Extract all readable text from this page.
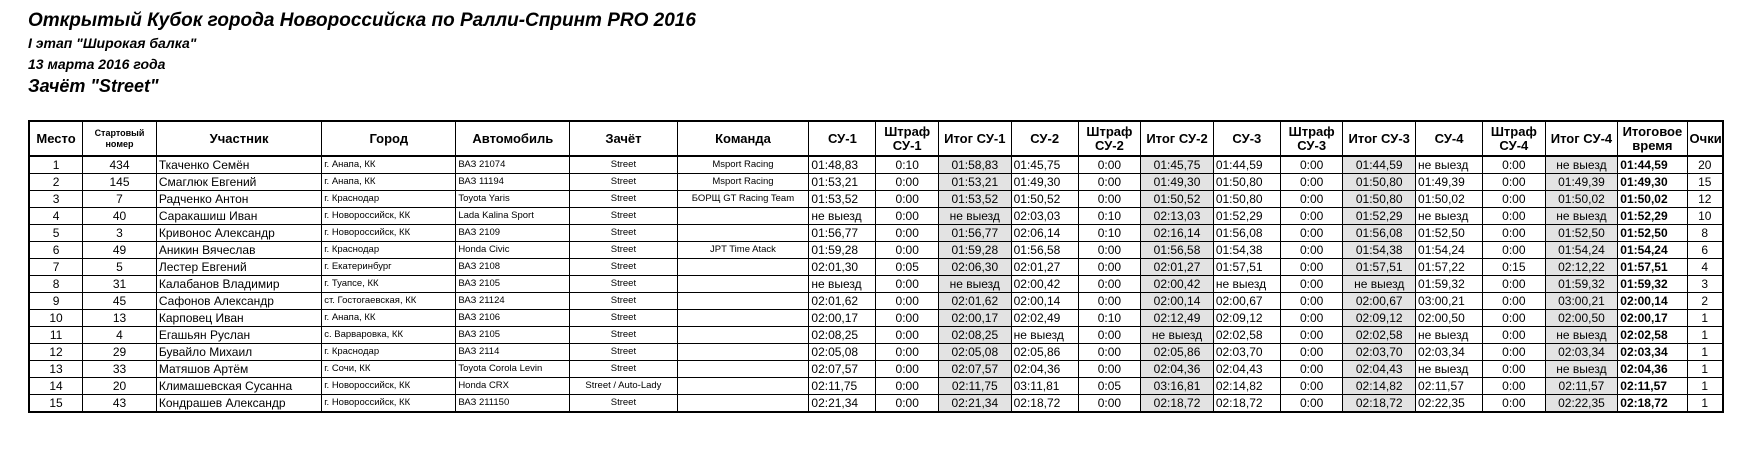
Открытый Кубок города Новороссийска по Ралли-Спринт PRO 2016
I этап "Широкая балка"
13 марта 2016 года
Зачёт "Street"
Место	Стартовый номер	Участник	Город	Автомобиль	Зачёт	Команда	СУ-1	Штраф СУ-1	Итог СУ-1	СУ-2	Штраф СУ-2	Итог СУ-2	СУ-3	Штраф СУ-3	Итог СУ-3	СУ-4	Штраф СУ-4	Итог СУ-4	Итоговое время	Очки
1	434	Ткаченко Семён	г. Анапа, КК	ВАЗ 21074	Street	Msport Racing	01:48,83	0:10	01:58,83	01:45,75	0:00	01:45,75	01:44,59	0:00	01:44,59	не выезд	0:00	не выезд	01:44,59	20
2	145	Смаглюк Евгений	г. Анапа, КК	ВАЗ 11194	Street	Msport Racing	01:53,21	0:00	01:53,21	01:49,30	0:00	01:49,30	01:50,80	0:00	01:50,80	01:49,39	0:00	01:49,39	01:49,30	15
3	7	Радченко Антон	г. Краснодар	Toyota Yaris	Street	БОРЩ GT Racing Team	01:53,52	0:00	01:53,52	01:50,52	0:00	01:50,52	01:50,80	0:00	01:50,80	01:50,02	0:00	01:50,02	01:50,02	12
4	40	Саракашиш Иван	г. Новороссийск, КК	Lada Kalina Sport	Street		не выезд	0:00	не выезд	02:03,03	0:10	02:13,03	01:52,29	0:00	01:52,29	не выезд	0:00	не выезд	01:52,29	10
5	3	Кривонос Александр	г. Новороссийск, КК	ВАЗ 2109	Street		01:56,77	0:00	01:56,77	02:06,14	0:10	02:16,14	01:56,08	0:00	01:56,08	01:52,50	0:00	01:52,50	01:52,50	8
6	49	Аникин Вячеслав	г. Краснодар	Honda Civic	Street	JPT Time Atack	01:59,28	0:00	01:59,28	01:56,58	0:00	01:56,58	01:54,38	0:00	01:54,38	01:54,24	0:00	01:54,24	01:54,24	6
7	5	Лестер Евгений	г. Екатеринбург	ВАЗ 2108	Street		02:01,30	0:05	02:06,30	02:01,27	0:00	02:01,27	01:57,51	0:00	01:57,51	01:57,22	0:15	02:12,22	01:57,51	4
8	31	Калабанов Владимир	г. Туапсе, КК	ВАЗ 2105	Street		не выезд	0:00	не выезд	02:00,42	0:00	02:00,42	не выезд	0:00	не выезд	01:59,32	0:00	01:59,32	01:59,32	3
9	45	Сафонов Александр	ст. Гостогаевская, КК	ВАЗ 21124	Street		02:01,62	0:00	02:01,62	02:00,14	0:00	02:00,14	02:00,67	0:00	02:00,67	03:00,21	0:00	03:00,21	02:00,14	2
10	13	Карповец Иван	г. Анапа, КК	ВАЗ 2106	Street		02:00,17	0:00	02:00,17	02:02,49	0:10	02:12,49	02:09,12	0:00	02:09,12	02:00,50	0:00	02:00,50	02:00,17	1
11	4	Егашьян Руслан	с. Варваровка, КК	ВАЗ 2105	Street		02:08,25	0:00	02:08,25	не выезд	0:00	не выезд	02:02,58	0:00	02:02,58	не выезд	0:00	не выезд	02:02,58	1
12	29	Бувайло Михаил	г. Краснодар	ВАЗ 2114	Street		02:05,08	0:00	02:05,08	02:05,86	0:00	02:05,86	02:03,70	0:00	02:03,70	02:03,34	0:00	02:03,34	02:03,34	1
13	33	Матяшов Артём	г. Сочи, КК	Toyota Corola Levin	Street		02:07,57	0:00	02:07,57	02:04,36	0:00	02:04,36	02:04,43	0:00	02:04,43	не выезд	0:00	не выезд	02:04,36	1
14	20	Климашевская Сусанна	г. Новороссийск, КК	Honda CRX	Street / Auto-Lady		02:11,75	0:00	02:11,75	03:11,81	0:05	03:16,81	02:14,82	0:00	02:14,82	02:11,57	0:00	02:11,57	02:11,57	1
15	43	Кондрашев Александр	г. Новороссийск, КК	ВАЗ 211150	Street		02:21,34	0:00	02:21,34	02:18,72	0:00	02:18,72	02:18,72	0:00	02:18,72	02:22,35	0:00	02:22,35	02:18,72	1
